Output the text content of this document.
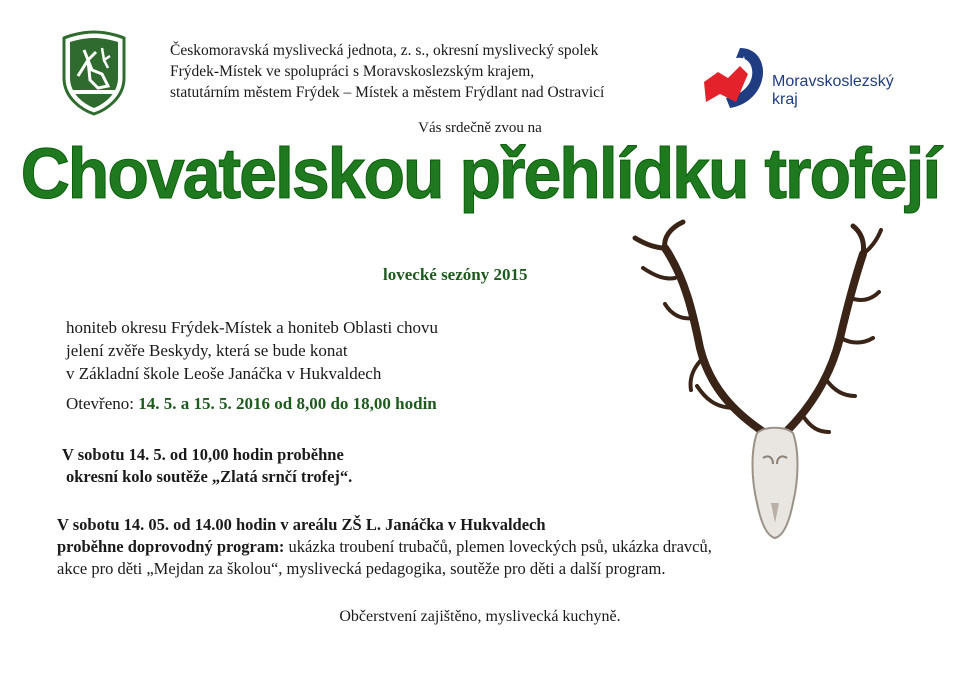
Českomoravská myslivecká jednota, z. s., okresní myslivecký spolek
Frýdek-Místek ve spolupráci s Moravskoslezským krajem,
statutárním městem Frýdek – Místek a městem Frýdlant nad Ostravicí
Moravskoslezský
kraj
Vás srdečně zvou na
Chovatelskou přehlídku trofejí
lovecké sezóny 2015
honiteb okresu Frýdek-Místek a honiteb Oblasti chovu
jelení zvěře Beskydy, která se bude konat
v Základní škole Leoše Janáčka v Hukvaldech
Otevřeno: 14. 5. a 15. 5. 2016 od 8,00 do 18,00 hodin
V sobotu 14. 5. od 10,00 hodin proběhne
okresní kolo soutěže „Zlatá srnčí trofej“.
V sobotu 14. 05. od 14.00 hodin v areálu ZŠ L. Janáčka v Hukvaldech
proběhne doprovodný program: ukázka troubení trubačů, plemen loveckých psů, ukázka dravců,
akce pro děti „Mejdan za školou“, myslivecká pedagogika, soutěže pro děti a další program.
Občerstvení zajištěno, myslivecká kuchyně.
